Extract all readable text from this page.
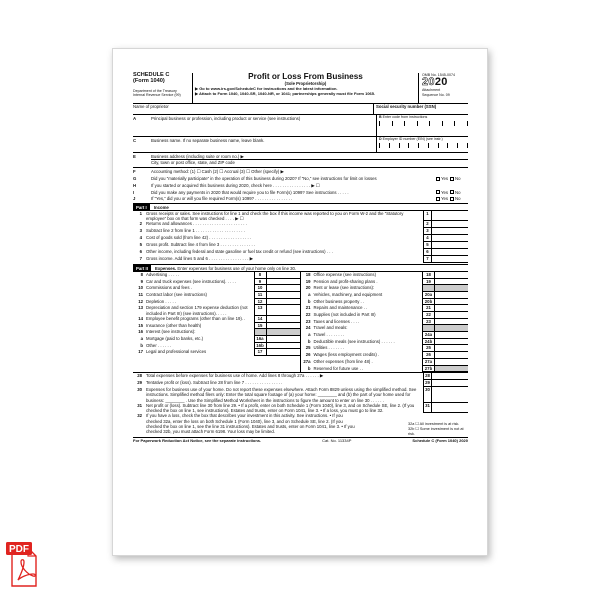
SCHEDULE C
(Form 1040)
Department of the Treasury
Internal Revenue Service (99)
Profit or Loss From Business
(Sole Proprietorship)
▶ Go to www.irs.gov/ScheduleC for instructions and the latest information.
▶ Attach to Form 1040, 1040-SR, 1040-NR, or 1041; partnerships generally must file Form 1065.
OMB No. 1545-0074
2020
Attachment
Sequence No. 09
Name of proprietor	Social security number (SSN)
A	Principal business or profession, including product or service (see instructions)	B Enter code from instructions
C	Business name. If no separate business name, leave blank.	D Employer ID number (EIN) (see instr.)
E	Business address (including suite or room no.) ▶
City, town or post office, state, and ZIP code
F	Accounting method: (1) ☐ Cash (2) ☐ Accrual (3) ☐ Other (specify) ▶
G	Did you “materially participate” in the operation of this business during 2020? If “No,” see instructions for limit on losses	Yes	No
H	If you started or acquired this business during 2020, check here . . . . . . . . . . . . . . . . ▶ ☐
I	Did you make any payments in 2020 that would require you to file Form(s) 1099? See instructions . . . . .	Yes	No
J	If “Yes,” did you or will you file required Form(s) 1099? . . . . . . . . . . . . . . . .	Yes	No
Part I	Income
1 Gross receipts or sales. See instructions for line 1 and check the box if this income was reported to you on Form W-2 and the “Statutory employee” box on that form was checked . . . . ▶ ☐
1
2 Returns and allowances . . . . . . . . . . . . . . . . . . . . . . .	2
3 Subtract line 2 from line 1 . . . . . . . . . . . . . . . . . . . . .	3
4 Cost of goods sold (from line 42) . . . . . . . . . . . . . . . . . .	4
5 Gross profit. Subtract line 4 from line 3 . . . . . . . . . . . . . . .	5
6 Other income, including federal and state gasoline or fuel tax credit or refund (see instructions) . . .	6
7 Gross income. Add lines 5 and 6 . . . . . . . . . . . . . . . . . ▶	7
Part II	Expenses.
Enter expenses for business use of your home only on line 30.
8 Advertising . . . . .	8
9 Car and truck expenses (see instructions). . . . .	9
10 Commissions and fees .	10
11 Contract labor (see instructions)	11
12 Depletion . . . . .	12
13 Depreciation and section 179 expense deduction (not included in Part III) (see instructions). . . . .
13
14 Employee benefit programs (other than on line 19). .	14
15 Insurance (other than health)	15
16 Interest (see instructions):
a Mortgage (paid to banks, etc.)	16a
b Other . . . . . .	16b
17 Legal and professional services	17
18 Office expense (see instructions)	18
19 Pension and profit-sharing plans .	19
20 Rent or lease (see instructions):
a Vehicles, machinery, and equipment	20a
b Other business property . .	20b
21 Repairs and maintenance . .	21
22 Supplies (not included in Part III)	22
23 Taxes and licenses . . . .	23
24 Travel and meals:
a Travel . . . . . . . .	24a
b Deductible meals (see instructions) . . . . . .	24b
25 Utilities . . . . . . .	25
26 Wages (less employment credits) .	26
27a Other expenses (from line 48) .	27a
b Reserved for future use . .	27b
28 Total expenses before expenses for business use of home. Add lines 8 through 27a . . . . . . ▶	28
29 Tentative profit or (loss). Subtract line 28 from line 7 . . . . . . . . . . . . . . . .	29
30 Expenses for business use of your home. Do not report these expenses elsewhere. Attach Form 8829 unless using the simplified method. See instructions. Simplified method filers only: Enter the total square footage of (a) your home: ________ and (b) the part of your home used for business: ________ . Use the Simplified Method Worksheet in the instructions to figure the amount to enter on line 30 . . . . . .
30
31 Net profit or (loss). Subtract line 30 from line 29. • If a profit, enter on both Schedule 1 (Form 1040), line 3, and on Schedule SE, line 2. (If you checked the box on line 1, see instructions). Estates and trusts, enter on Form 1041, line 3. • If a loss, you must go to line 32.
31
32 If you have a loss, check the box that describes your investment in this activity. See instructions. • If you checked 32a, enter the loss on both Schedule 1 (Form 1040), line 3, and on Schedule SE, line 2. (If you checked the box on line 1, see the line 31 instructions). Estates and trusts, enter on Form 1041, line 3. • If you checked 32b, you must attach Form 6198. Your loss may be limited.
32a ☐ All investment is at risk.
32b ☐ Some investment is not at risk.
For Paperwork Reduction Act Notice, see the separate instructions.	Cat. No. 11334P	Schedule C (Form 1040) 2020
PDF
